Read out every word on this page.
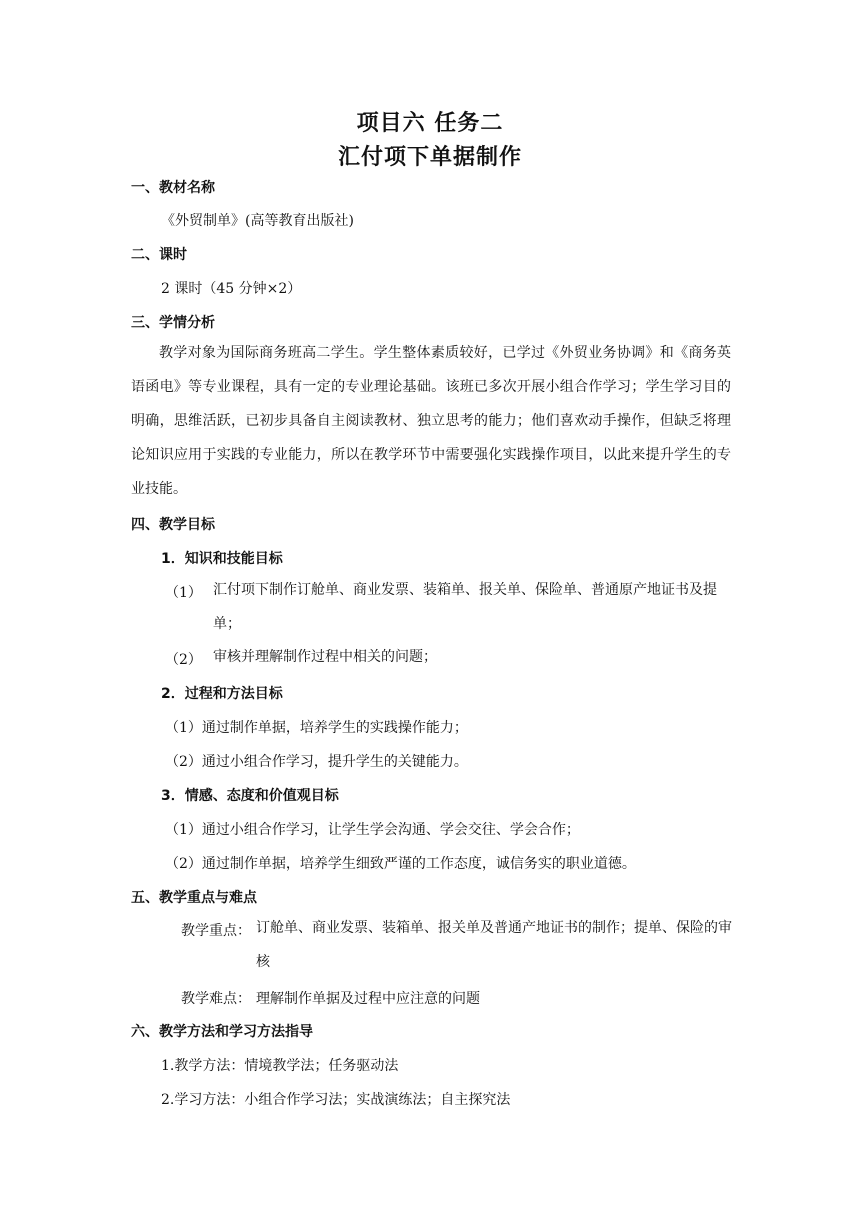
项目六 任务二
汇付项下单据制作
一、教材名称
《外贸制单》(高等教育出版社)
二、课时
2 课时（45 分钟×2）
三、学情分析
教学对象为国际商务班高二学生。学生整体素质较好，已学过《外贸业务协调》和《商务英语函电》等专业课程，具有一定的专业理论基础。该班已多次开展小组合作学习；学生学习目的明确，思维活跃，已初步具备自主阅读教材、独立思考的能力；他们喜欢动手操作，但缺乏将理论知识应用于实践的专业能力，所以在教学环节中需要强化实践操作项目，以此来提升学生的专业技能。
四、教学目标
1．知识和技能目标
（1） 汇付项下制作订舱单、商业发票、装箱单、报关单、保险单、普通原产地证书及提单；
（2） 审核并理解制作过程中相关的问题；
2．过程和方法目标
（1）通过制作单据，培养学生的实践操作能力；
（2）通过小组合作学习，提升学生的关键能力。
3．情感、态度和价值观目标
（1）通过小组合作学习，让学生学会沟通、学会交往、学会合作；
（2）通过制作单据，培养学生细致严谨的工作态度，诚信务实的职业道德。
五、教学重点与难点
教学重点： 订舱单、商业发票、装箱单、报关单及普通产地证书的制作；提单、保险的审核
教学难点： 理解制作单据及过程中应注意的问题
六、教学方法和学习方法指导
1.教学方法：情境教学法；任务驱动法
2.学习方法：小组合作学习法；实战演练法；自主探究法
